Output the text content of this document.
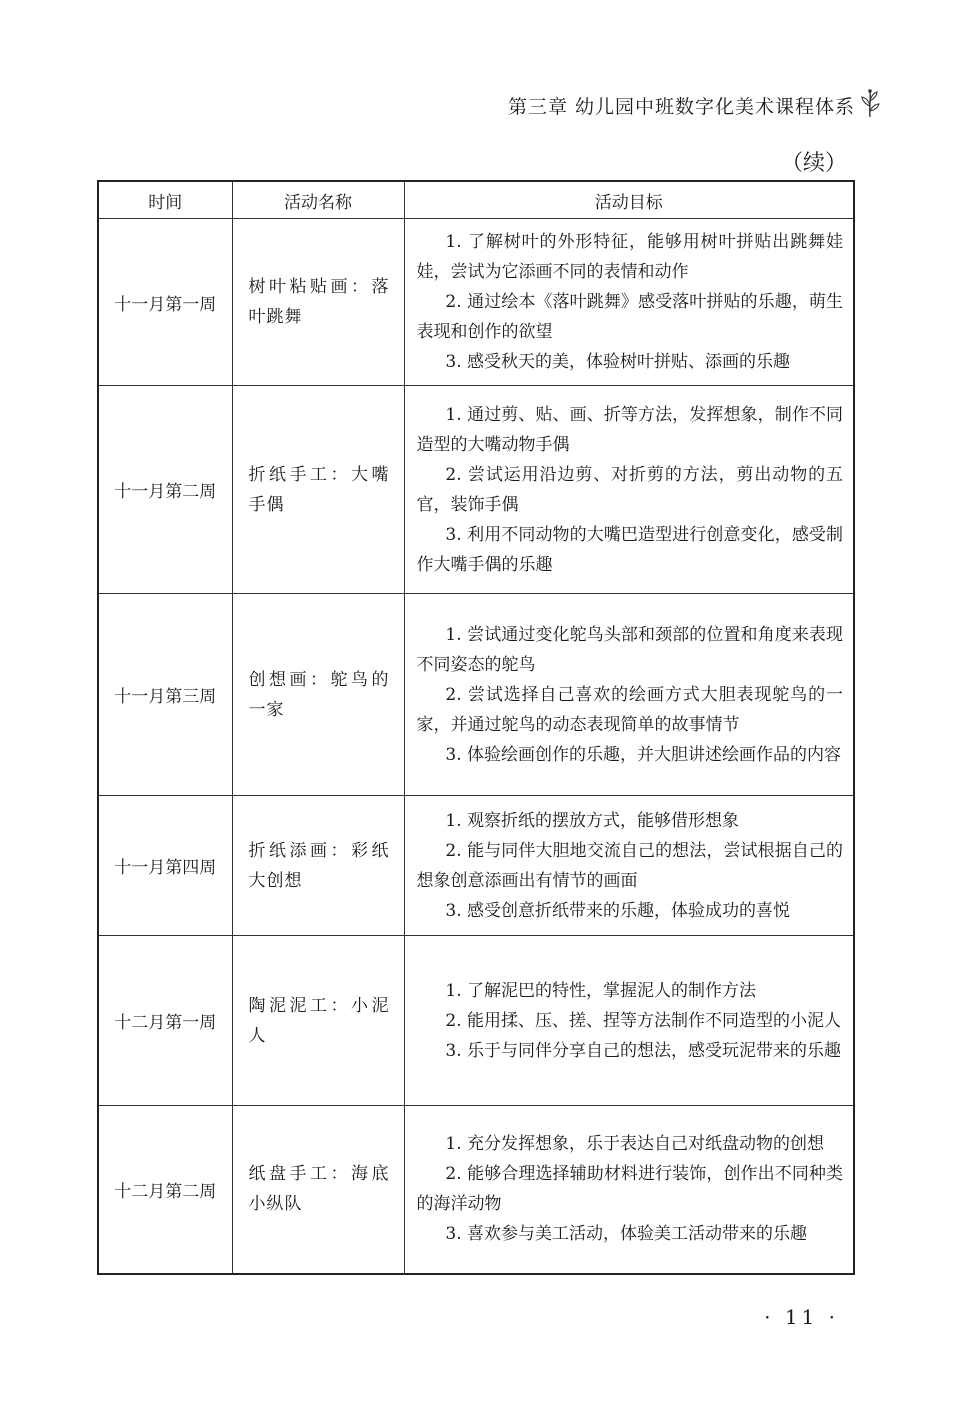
第三章 幼儿园中班数字化美术课程体系
（续）
时间	活动名称	活动目标
十一月第一周	树叶粘贴画：落叶跳舞	1. 了解树叶的外形特征，能够用树叶拼贴出跳舞娃娃，尝试为它添画不同的表情和动作
2. 通过绘本《落叶跳舞》感受落叶拼贴的乐趣，萌生表现和创作的欲望
3. 感受秋天的美，体验树叶拼贴、添画的乐趣

十一月第二周	折纸手工：大嘴手偶	1. 通过剪、贴、画、折等方法，发挥想象，制作不同造型的大嘴动物手偶
2. 尝试运用沿边剪、对折剪的方法，剪出动物的五官，装饰手偶
3. 利用不同动物的大嘴巴造型进行创意变化，感受制作大嘴手偶的乐趣

十一月第三周	创想画：鸵鸟的一家	1. 尝试通过变化鸵鸟头部和颈部的位置和角度来表现不同姿态的鸵鸟
2. 尝试选择自己喜欢的绘画方式大胆表现鸵鸟的一家，并通过鸵鸟的动态表现简单的故事情节
3. 体验绘画创作的乐趣，并大胆讲述绘画作品的内容

十一月第四周	折纸添画：彩纸大创想	1. 观察折纸的摆放方式，能够借形想象
2. 能与同伴大胆地交流自己的想法，尝试根据自己的想象创意添画出有情节的画面
3. 感受创意折纸带来的乐趣，体验成功的喜悦

十二月第一周	陶泥泥工：小泥人	1. 了解泥巴的特性，掌握泥人的制作方法
2. 能用揉、压、搓、捏等方法制作不同造型的小泥人
3. 乐于与同伴分享自己的想法，感受玩泥带来的乐趣

十二月第二周	纸盘手工：海底小纵队	1. 充分发挥想象，乐于表达自己对纸盘动物的创想
2. 能够合理选择辅助材料进行装饰，创作出不同种类的海洋动物
3. 喜欢参与美工活动，体验美工活动带来的乐趣
· 11 ·
